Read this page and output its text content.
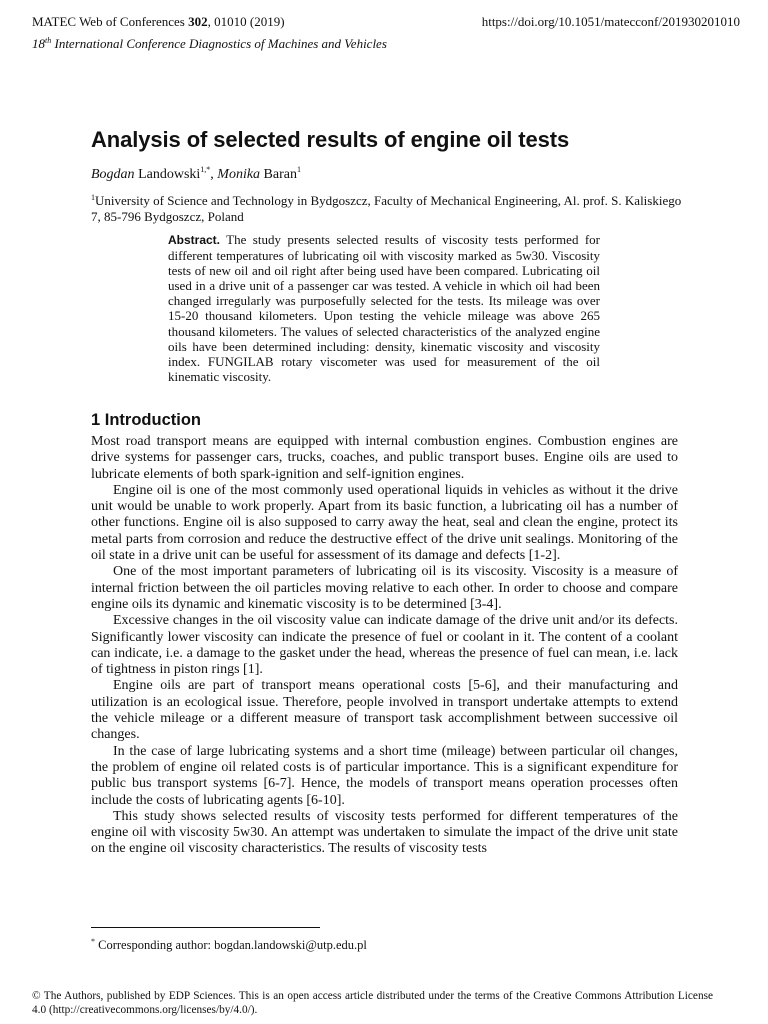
MATEC Web of Conferences 302, 01010 (2019)	https://doi.org/10.1051/matecconf/201930201010
18th International Conference Diagnostics of Machines and Vehicles
Analysis of selected results of engine oil tests
Bogdan Landowski$^{1,*}$, Monika Baran$^1$
$^1$University of Science and Technology in Bydgoszcz, Faculty of Mechanical Engineering, Al. prof. S. Kaliskiego 7, 85-796 Bydgoszcz, Poland
Abstract. The study presents selected results of viscosity tests performed for different temperatures of lubricating oil with viscosity marked as 5w30. Viscosity tests of new oil and oil right after being used have been compared. Lubricating oil used in a drive unit of a passenger car was tested. A vehicle in which oil had been changed irregularly was purposefully selected for the tests. Its mileage was over 15-20 thousand kilometers. Upon testing the vehicle mileage was above 265 thousand kilometers. The values of selected characteristics of the analyzed engine oils have been determined including: density, kinematic viscosity and viscosity index. FUNGILAB rotary viscometer was used for measurement of the oil kinematic viscosity.
1 Introduction

Most road transport means are equipped with internal combustion engines. Combustion engines are drive systems for passenger cars, trucks, coaches, and public transport buses. Engine oils are used to lubricate elements of both spark-ignition and self-ignition engines.

Engine oil is one of the most commonly used operational liquids in vehicles as without it the drive unit would be unable to work properly. Apart from its basic function, a lubricating oil has a number of other functions. Engine oil is also supposed to carry away the heat, seal and clean the engine, protect its metal parts from corrosion and reduce the destructive effect of the drive unit sealings. Monitoring of the oil state in a drive unit can be useful for assessment of its damage and defects [1-2].

One of the most important parameters of lubricating oil is its viscosity. Viscosity is a measure of internal friction between the oil particles moving relative to each other. In order to choose and compare engine oils its dynamic and kinematic viscosity is to be determined [3-4].

Excessive changes in the oil viscosity value can indicate damage of the drive unit and/or its defects. Significantly lower viscosity can indicate the presence of fuel or coolant in it. The content of a coolant can indicate, i.e. a damage to the gasket under the head, whereas the presence of fuel can mean, i.e. lack of tightness in piston rings [1].

Engine oils are part of transport means operational costs [5-6], and their manufacturing and utilization is an ecological issue. Therefore, people involved in transport undertake attempts to extend the vehicle mileage or a different measure of transport task accomplishment between successive oil changes.

In the case of large lubricating systems and a short time (mileage) between particular oil changes, the problem of engine oil related costs is of particular importance. This is a significant expenditure for public bus transport systems [6-7]. Hence, the models of transport means operation processes often include the costs of lubricating agents [6-10].

This study shows selected results of viscosity tests performed for different temperatures of the engine oil with viscosity 5w30. An attempt was undertaken to simulate the impact of the drive unit state on the engine oil viscosity characteristics. The results of viscosity tests

* Corresponding author: bogdan.landowski@utp.edu.pl
© The Authors, published by EDP Sciences. This is an open access article distributed under the terms of the Creative Commons Attribution License 4.0 (http://creativecommons.org/licenses/by/4.0/).
